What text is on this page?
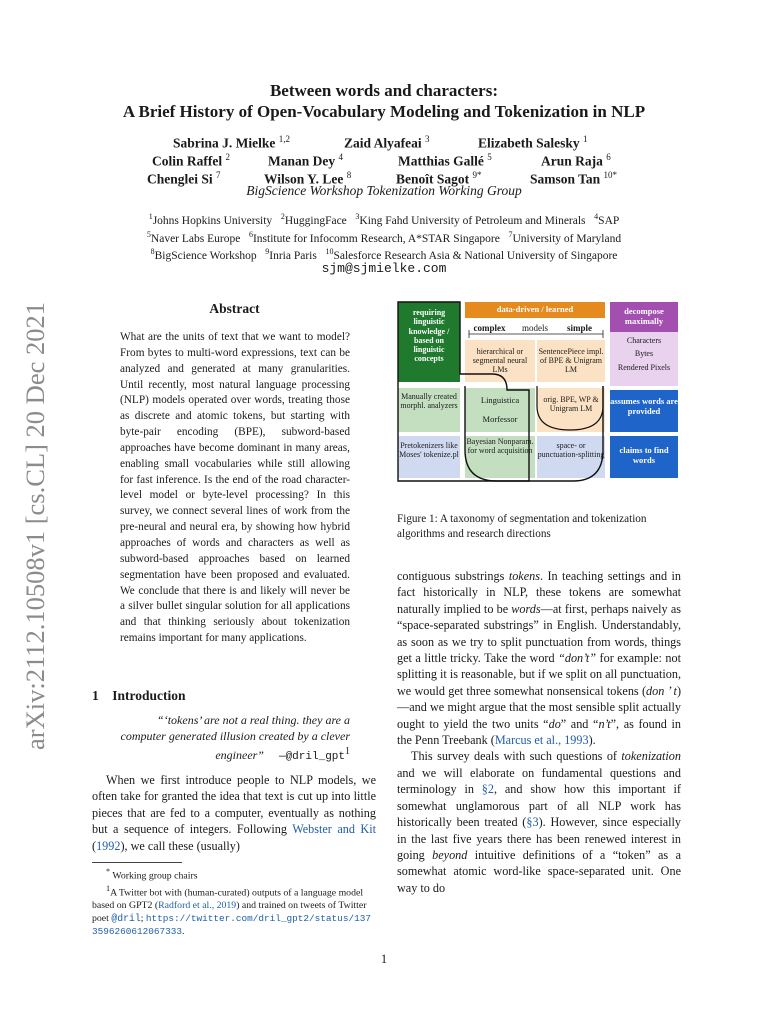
arXiv:2112.10508v1 [cs.CL] 20 Dec 2021
Between words and characters:
A Brief History of Open-Vocabulary Modeling and Tokenization in NLP
Sabrina J. Mielke $^{1,2}$	Zaid Alyafeai $^3$	Elizabeth Salesky $^1$
Colin Raffel $^2$	Manan Dey $^4$	Matthias Gallé $^5$	Arun Raja $^6$
Chenglei Si $^7$	Wilson Y. Lee $^8$	Benoît Sagot $^{9*}$	Samson Tan $^{10*}$
BigScience Workshop Tokenization Working Group
$^1$Johns Hopkins University $^2$HuggingFace $^3$King Fahd University of Petroleum and Minerals $^4$SAP
$^5$Naver Labs Europe $^6$Institute for Infocomm Research, A*STAR Singapore $^7$University of Maryland
$^8$BigScience Workshop $^9$Inria Paris $^{10}$Salesforce Research Asia & National University of Singapore
sjm@sjmielke.com
Abstract
What are the units of text that we want to model? From bytes to multi-word expressions, text can be analyzed and generated at many granularities. Until recently, most natural language processing (NLP) models operated over words, treating those as discrete and atomic tokens, but starting with byte-pair encoding (BPE), subword-based approaches have become dominant in many areas, enabling small vocabularies while still allowing for fast inference. Is the end of the road character-level model or byte-level processing? In this survey, we connect several lines of work from the pre-neural and neural era, by showing how hybrid approaches of words and characters as well as subword-based approaches based on learned segmentation have been proposed and evaluated. We conclude that there is and likely will never be a silver bullet singular solution for all applications and that thinking seriously about tokenization remains important for many applications.
1 Introduction
“‘tokens’ are not a real thing. they are a computer generated illusion created by a clever engineer” —@dril_gpt$^1$

When we first introduce people to NLP models, we often take for granted the idea that text is cut up into little pieces that are fed to a computer, eventually as nothing but a sequence of integers. Following Webster and Kit (1992), we call these (usually)

* Working group chairs
$^1$A Twitter bot with (human-curated) outputs of a language model based on GPT2 (Radford et al., 2019) and trained on tweets of Twitter poet @dril; https://twitter.com/dril_gpt2/status/1373596260612067333.
requiring linguistic knowledge / based on linguistic concepts
data-driven / learned	decompose maximally
complex	models	simple
hierarchical or segmental neural LMs
SentencePiece impl. of BPE & Unigram LM
Characters
Bytes
Rendered Pixels
Manually created morphl. analyzers
Linguistica
Morfessor
orig. BPE, WP & Unigram LM
assumes words are provided
Pretokenizers like Moses' tokenize.pl
Bayesian Nonparam. for word acquisition
space- or punctuation-splitting	claims to find words
Figure 1: A taxonomy of segmentation and tokenization algorithms and research directions

contiguous substrings tokens. In teaching settings and in fact historically in NLP, these tokens are somewhat naturally implied to be words—at first, perhaps naively as “space-separated substrings” in English. Understandably, as soon as we try to split punctuation from words, things get a little tricky. Take the word “don’t” for example: not splitting it is reasonable, but if we split on all punctuation, we would get three somewhat nonsensical tokens (don ’ t)—and we might argue that the most sensible split actually ought to yield the two units “do” and “n’t”, as found in the Penn Treebank (Marcus et al., 1993).

This survey deals with such questions of tokenization and we will elaborate on fundamental questions and terminology in §2, and show how this important if somewhat unglamorous part of all NLP work has historically been treated (§3). However, since especially in the last five years there has been renewed interest in going beyond intuitive definitions of a “token” as a somewhat atomic word-like space-separated unit. One way to do

1
